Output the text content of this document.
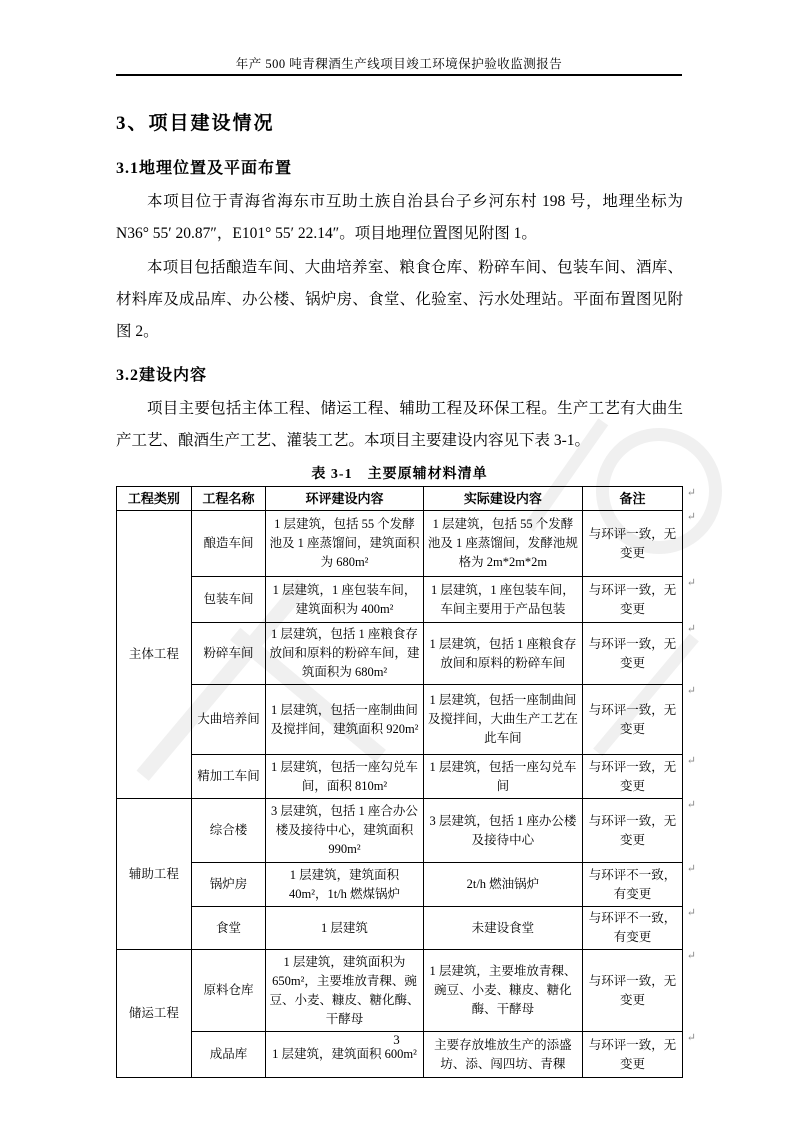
年产 500 吨青稞酒生产线项目竣工环境保护验收监测报告
3、项目建设情况
3.1地理位置及平面布置

本项目位于青海省海东市互助土族自治县台子乡河东村 198 号，地理坐标为 N36° 55′ 20.87″，E101° 55′ 22.14″。项目地理位置图见附图 1。

本项目包括酿造车间、大曲培养室、粮食仓库、粉碎车间、包装车间、酒库、材料库及成品库、办公楼、锅炉房、食堂、化验室、污水处理站。平面布置图见附图 2。

3.2建设内容

项目主要包括主体工程、储运工程、辅助工程及环保工程。生产工艺有大曲生产工艺、酿酒生产工艺、灌装工艺。本项目主要建设内容见下表 3-1。

表 3-1　主要原辅材料清单
工程类别	工程名称	环评建设内容	实际建设内容	备注 ↵

主体工程	酿造车间	1 层建筑，包括 55 个发酵池及 1 座蒸馏间，建筑面积为 680m²	1 层建筑，包括 55 个发酵池及 1 座蒸馏间，发酵池规格为 2m*2m*2m	与环评一致，无变更
↵

	包装车间	1 层建筑，1 座包装车间，建筑面积为 400m²	1 层建筑，1 座包装车间，车间主要用于产品包装	与环评一致，无变更
↵

	粉碎车间	1 层建筑，包括 1 座粮食存放间和原料的粉碎车间，建筑面积为 680m²	1 层建筑，包括 1 座粮食存放间和原料的粉碎车间	与环评一致，无变更
↵

	大曲培养间	1 层建筑，包括一座制曲间及搅拌间，建筑面积 920m²	1 层建筑，包括一座制曲间及搅拌间，大曲生产工艺在此车间	与环评一致，无变更
↵

	精加工车间	1 层建筑，包括一座勾兑车间，面积 810m²	1 层建筑，包括一座勾兑车间	与环评一致，无变更
↵

辅助工程	综合楼	3 层建筑，包括 1 座合办公楼及接待中心，建筑面积 990m²	3 层建筑，包括 1 座办公楼及接待中心	与环评一致，无变更
↵

	锅炉房	1 层建筑，建筑面积 40m²，1t/h 燃煤锅炉	2t/h 燃油锅炉	与环评不一致，有变更
↵

	食堂	1 层建筑	未建设食堂	与环评不一致，有变更
↵

储运工程	原料仓库	1 层建筑，建筑面积为 650m²，主要堆放青稞、豌豆、小麦、糠皮、糖化酶、干酵母	1 层建筑，主要堆放青稞、豌豆、小麦、糠皮、糖化酶、干酵母	与环评一致，无变更
↵

	成品库	1 层建筑，建筑面积 600m²	主要存放堆放生产的添盛坊、添、闯四坊、青稞	与环评一致，无变更
↵
3
